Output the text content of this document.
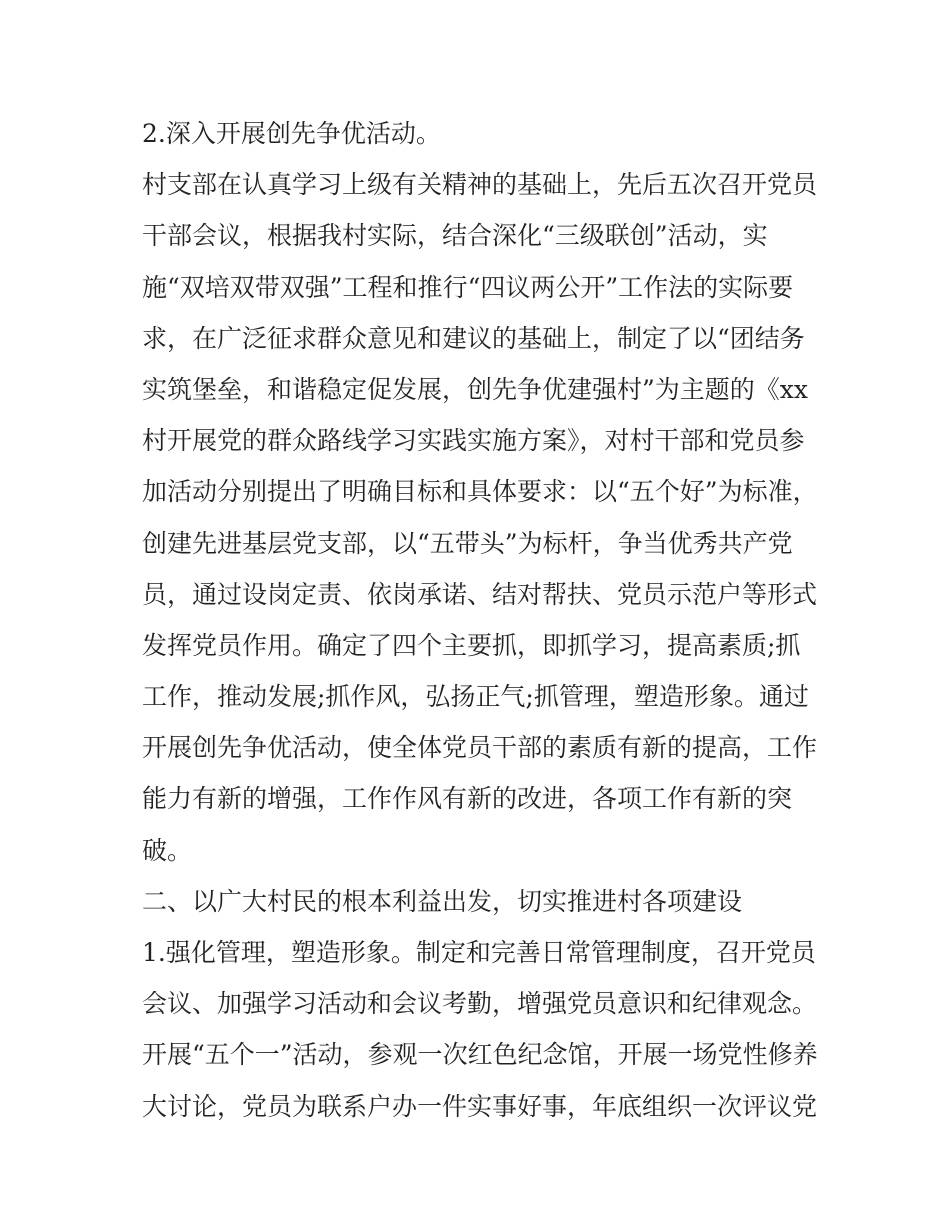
2.深入开展创先争优活动。
村支部在认真学习上级有关精神的基础上，先后五次召开党员
干部会议，根据我村实际，结合深化“三级联创”活动，实
施“双培双带双强”工程和推行“四议两公开”工作法的实际要
求，在广泛征求群众意见和建议的基础上，制定了以“团结务
实筑堡垒，和谐稳定促发展，创先争优建强村”为主题的《xx
村开展党的群众路线学习实践实施方案》，对村干部和党员参
加活动分别提出了明确目标和具体要求：以“五个好”为标准，
创建先进基层党支部，以“五带头”为标杆，争当优秀共产党
员，通过设岗定责、依岗承诺、结对帮扶、党员示范户等形式
发挥党员作用。确定了四个主要抓，即抓学习，提高素质;抓
工作，推动发展;抓作风，弘扬正气;抓管理，塑造形象。通过
开展创先争优活动，使全体党员干部的素质有新的提高，工作
能力有新的增强，工作作风有新的改进，各项工作有新的突
破。
二、以广大村民的根本利益出发，切实推进村各项建设
1.强化管理，塑造形象。制定和完善日常管理制度，召开党员
会议、加强学习活动和会议考勤，增强党员意识和纪律观念。
开展“五个一”活动，参观一次红色纪念馆，开展一场党性修养
大讨论，党员为联系户办一件实事好事，年底组织一次评议党
